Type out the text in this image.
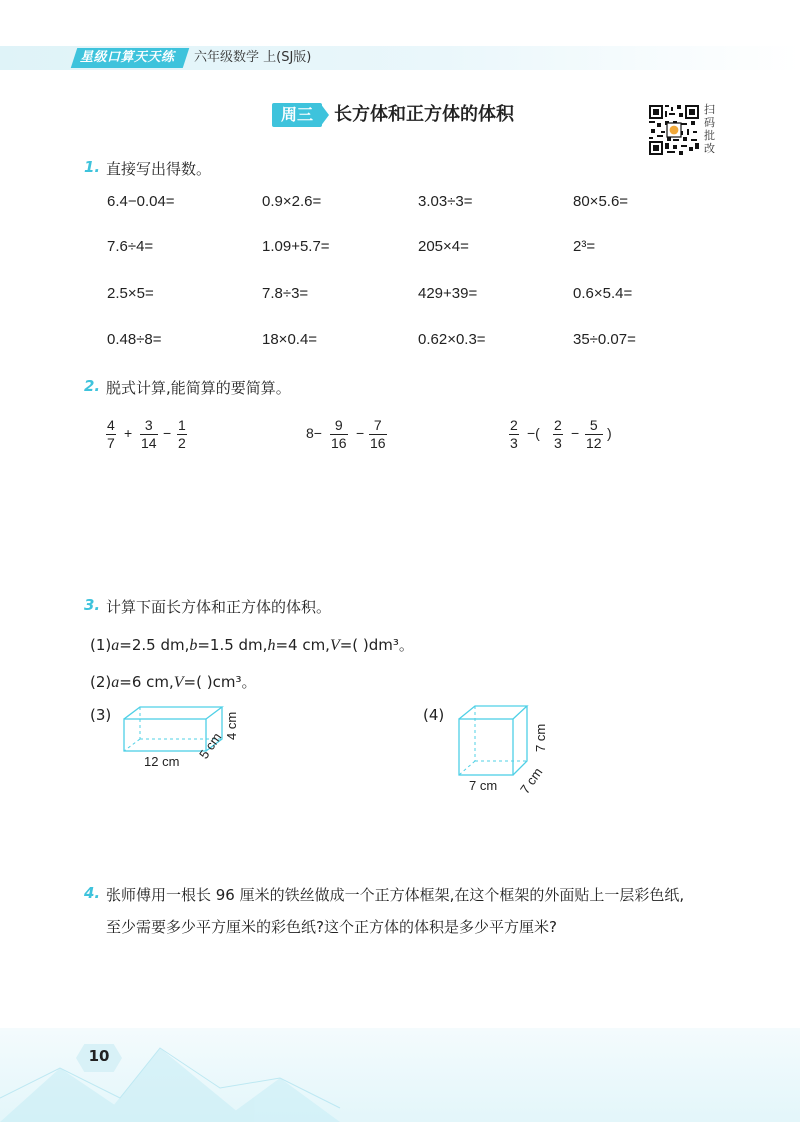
星级口算天天练 六年级数学 上(SJ版)
周三	长方体和正方体的体积	扫
码
批
改
1. 直接写出得数。
6.4−0.04=	0.9×2.6=	3.03÷3=	80×5.6=
7.6÷4=	1.09+5.7=	205×4=	2³=
2.5×5=	7.8÷3=	429+39=	0.6×5.4=
0.48÷8=	18×0.4=	0.62×0.3=	35÷0.07=
2. 脱式计算,能简算的要简算。
4
7
+ 3
14
− 1
2
8− 9
16
− 7
16
2
3
−( 2
3
− 5
12
)
3. 计算下面长方体和正方体的体积。
(1)a=2.5 dm,b=1.5 dm,h=4 cm,V=( )dm³。
(2)a=6 cm,V=( )cm³。
(3)
12 cm 5 cm
4 cm	(4)
7 cm 7 cm
7 cm
4. 张师傅用一根长 96 厘米的铁丝做成一个正方体框架,在这个框架的外面贴上一层彩色纸,
至少需要多少平方厘米的彩色纸?这个正方体的体积是多少平方厘米?
10
